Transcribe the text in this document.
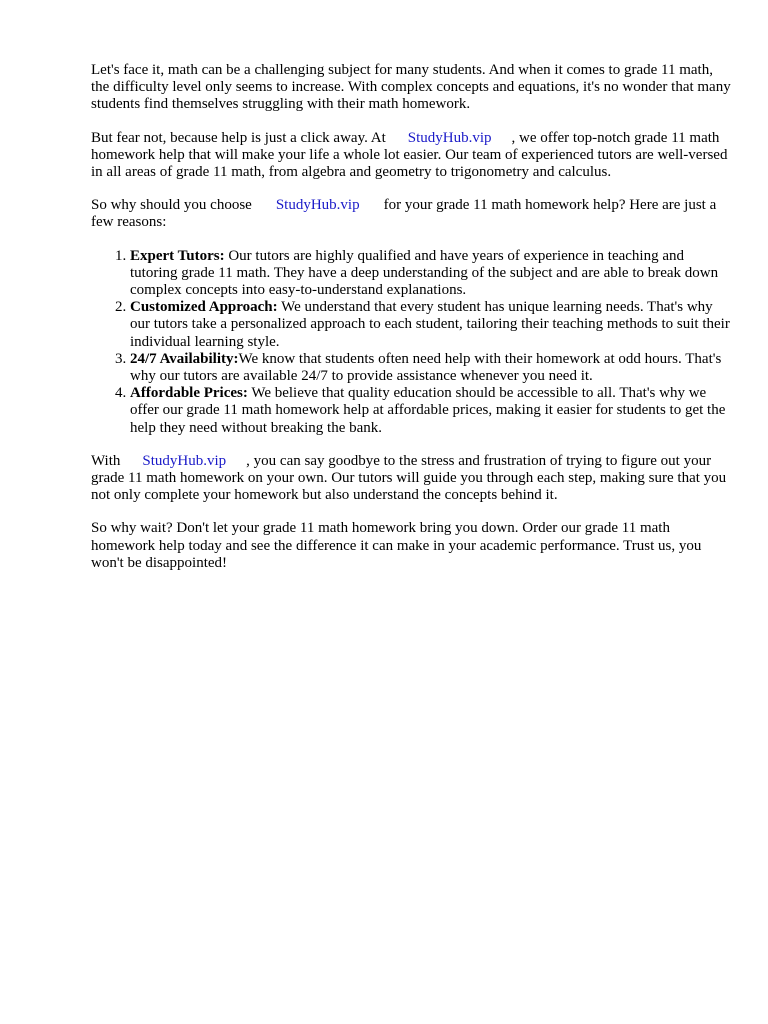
Let's face it, math can be a challenging subject for many students. And when it comes to grade 11 math, the difficulty level only seems to increase. With complex concepts and equations, it's no wonder that many students find themselves struggling with their math homework.

But fear not, because help is just a click away. At StudyHub.vip , we offer top-notch grade 11 math homework help that will make your life a whole lot easier. Our team of experienced tutors are well-versed in all areas of grade 11 math, from algebra and geometry to trigonometry and calculus.

So why should you choose StudyHub.vip for your grade 11 math homework help? Here are just a few reasons:

1. Expert Tutors: Our tutors are highly qualified and have years of experience in teaching and tutoring grade 11 math. They have a deep understanding of the subject and are able to break down complex concepts into easy-to-understand explanations.
2. Customized Approach: We understand that every student has unique learning needs. That's why our tutors take a personalized approach to each student, tailoring their teaching methods to suit their individual learning style.
3. 24/7 Availability:We know that students often need help with their homework at odd hours. That's why our tutors are available 24/7 to provide assistance whenever you need it.
4. Affordable Prices: We believe that quality education should be accessible to all. That's why we offer our grade 11 math homework help at affordable prices, making it easier for students to get the help they need without breaking the bank.

With StudyHub.vip , you can say goodbye to the stress and frustration of trying to figure out your grade 11 math homework on your own. Our tutors will guide you through each step, making sure that you not only complete your homework but also understand the concepts behind it.

So why wait? Don't let your grade 11 math homework bring you down. Order our grade 11 math homework help today and see the difference it can make in your academic performance. Trust us, you won't be disappointed!
